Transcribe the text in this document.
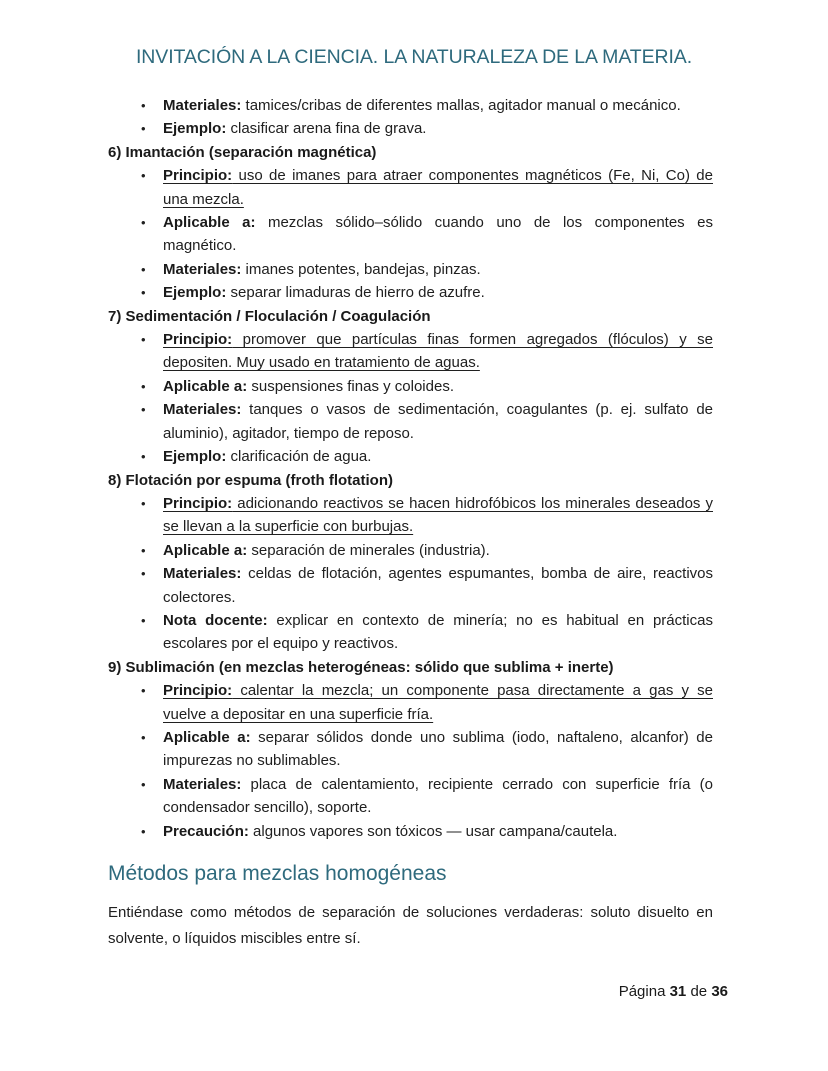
INVITACIÓN A LA CIENCIA. LA NATURALEZA DE LA MATERIA.
•	Materiales: tamices/cribas de diferentes mallas, agitador manual o mecánico.

•	Ejemplo: clasificar arena fina de grava.

6) Imantación (separación magnética)

•	Principio: uso de imanes para atraer componentes magnéticos (Fe, Ni, Co) de una mezcla.

•	Aplicable a: mezclas sólido–sólido cuando uno de los componentes es magnético.

•	Materiales: imanes potentes, bandejas, pinzas.

•	Ejemplo: separar limaduras de hierro de azufre.

7) Sedimentación / Floculación / Coagulación

•	Principio: promover que partículas finas formen agregados (flóculos) y se depositen. Muy usado en tratamiento de aguas.

•	Aplicable a: suspensiones finas y coloides.

•	Materiales: tanques o vasos de sedimentación, coagulantes (p. ej. sulfato de aluminio), agitador, tiempo de reposo.

•	Ejemplo: clarificación de agua.

8) Flotación por espuma (froth flotation)

•	Principio: adicionando reactivos se hacen hidrofóbicos los minerales deseados y se llevan a la superficie con burbujas.

•	Aplicable a: separación de minerales (industria).

•	Materiales: celdas de flotación, agentes espumantes, bomba de aire, reactivos colectores.

•	Nota docente: explicar en contexto de minería; no es habitual en prácticas escolares por el equipo y reactivos.

9) Sublimación (en mezclas heterogéneas: sólido que sublima + inerte)

•	Principio: calentar la mezcla; un componente pasa directamente a gas y se vuelve a depositar en una superficie fría.

•	Aplicable a: separar sólidos donde uno sublima (iodo, naftaleno, alcanfor) de impurezas no sublimables.

•	Materiales: placa de calentamiento, recipiente cerrado con superficie fría (o condensador sencillo), soporte.

•	Precaución: algunos vapores son tóxicos — usar campana/cautela.

Métodos para mezclas homogéneas

Entiéndase como métodos de separación de soluciones verdaderas: soluto disuelto en solvente, o líquidos miscibles entre sí.

Página 31 de 36
